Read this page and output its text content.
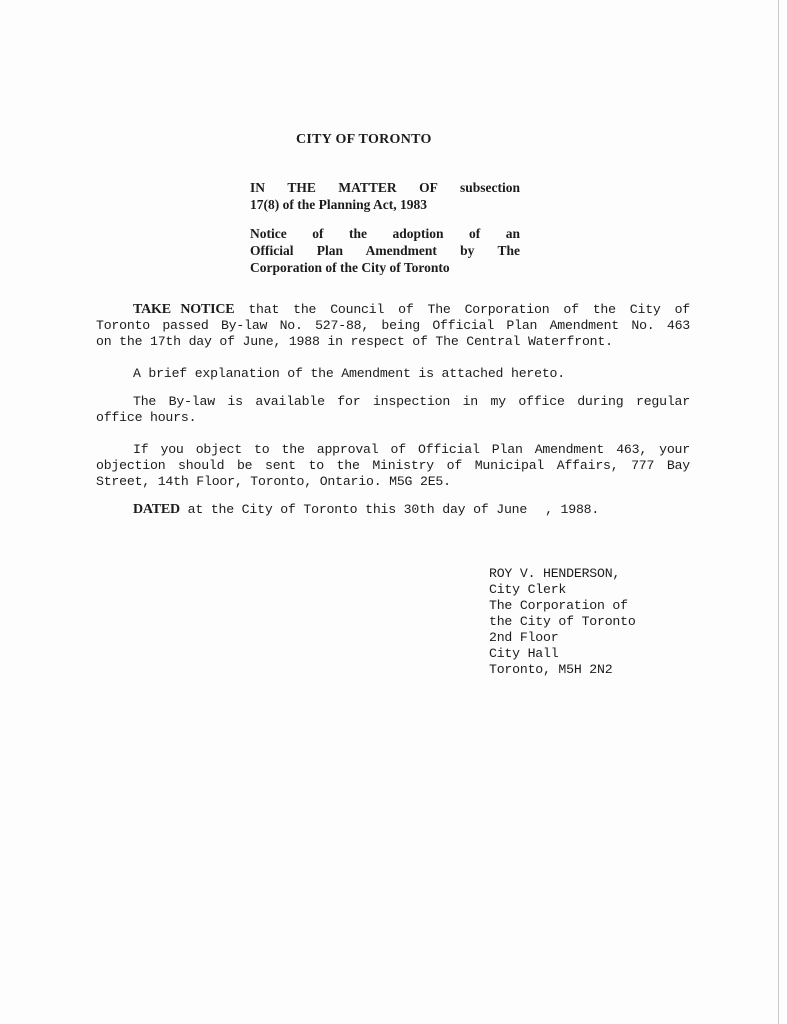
CITY OF TORONTO
IN THE MATTER OF subsection
17(8) of the Planning Act, 1983
Notice of the adoption of an
Official Plan Amendment by The
Corporation of the City of Toronto
TAKE NOTICE that the Council of The Corporation of the City of
Toronto passed By-law No. 527-88, being Official Plan Amendment No. 463
on the 17th day of June, 1988 in respect of The Central Waterfront.
A brief explanation of the Amendment is attached hereto.
The By-law is available for inspection in my office during regular
office hours.
If you object to the approval of Official Plan Amendment 463, your
objection should be sent to the Ministry of Municipal Affairs, 777 Bay
Street, 14th Floor, Toronto, Ontario. M5G 2E5.
DATED at the City of Toronto this 30th day of June , 1988.
ROY V. HENDERSON,
City Clerk
The Corporation of
the City of Toronto
2nd Floor
City Hall
Toronto, M5H 2N2
